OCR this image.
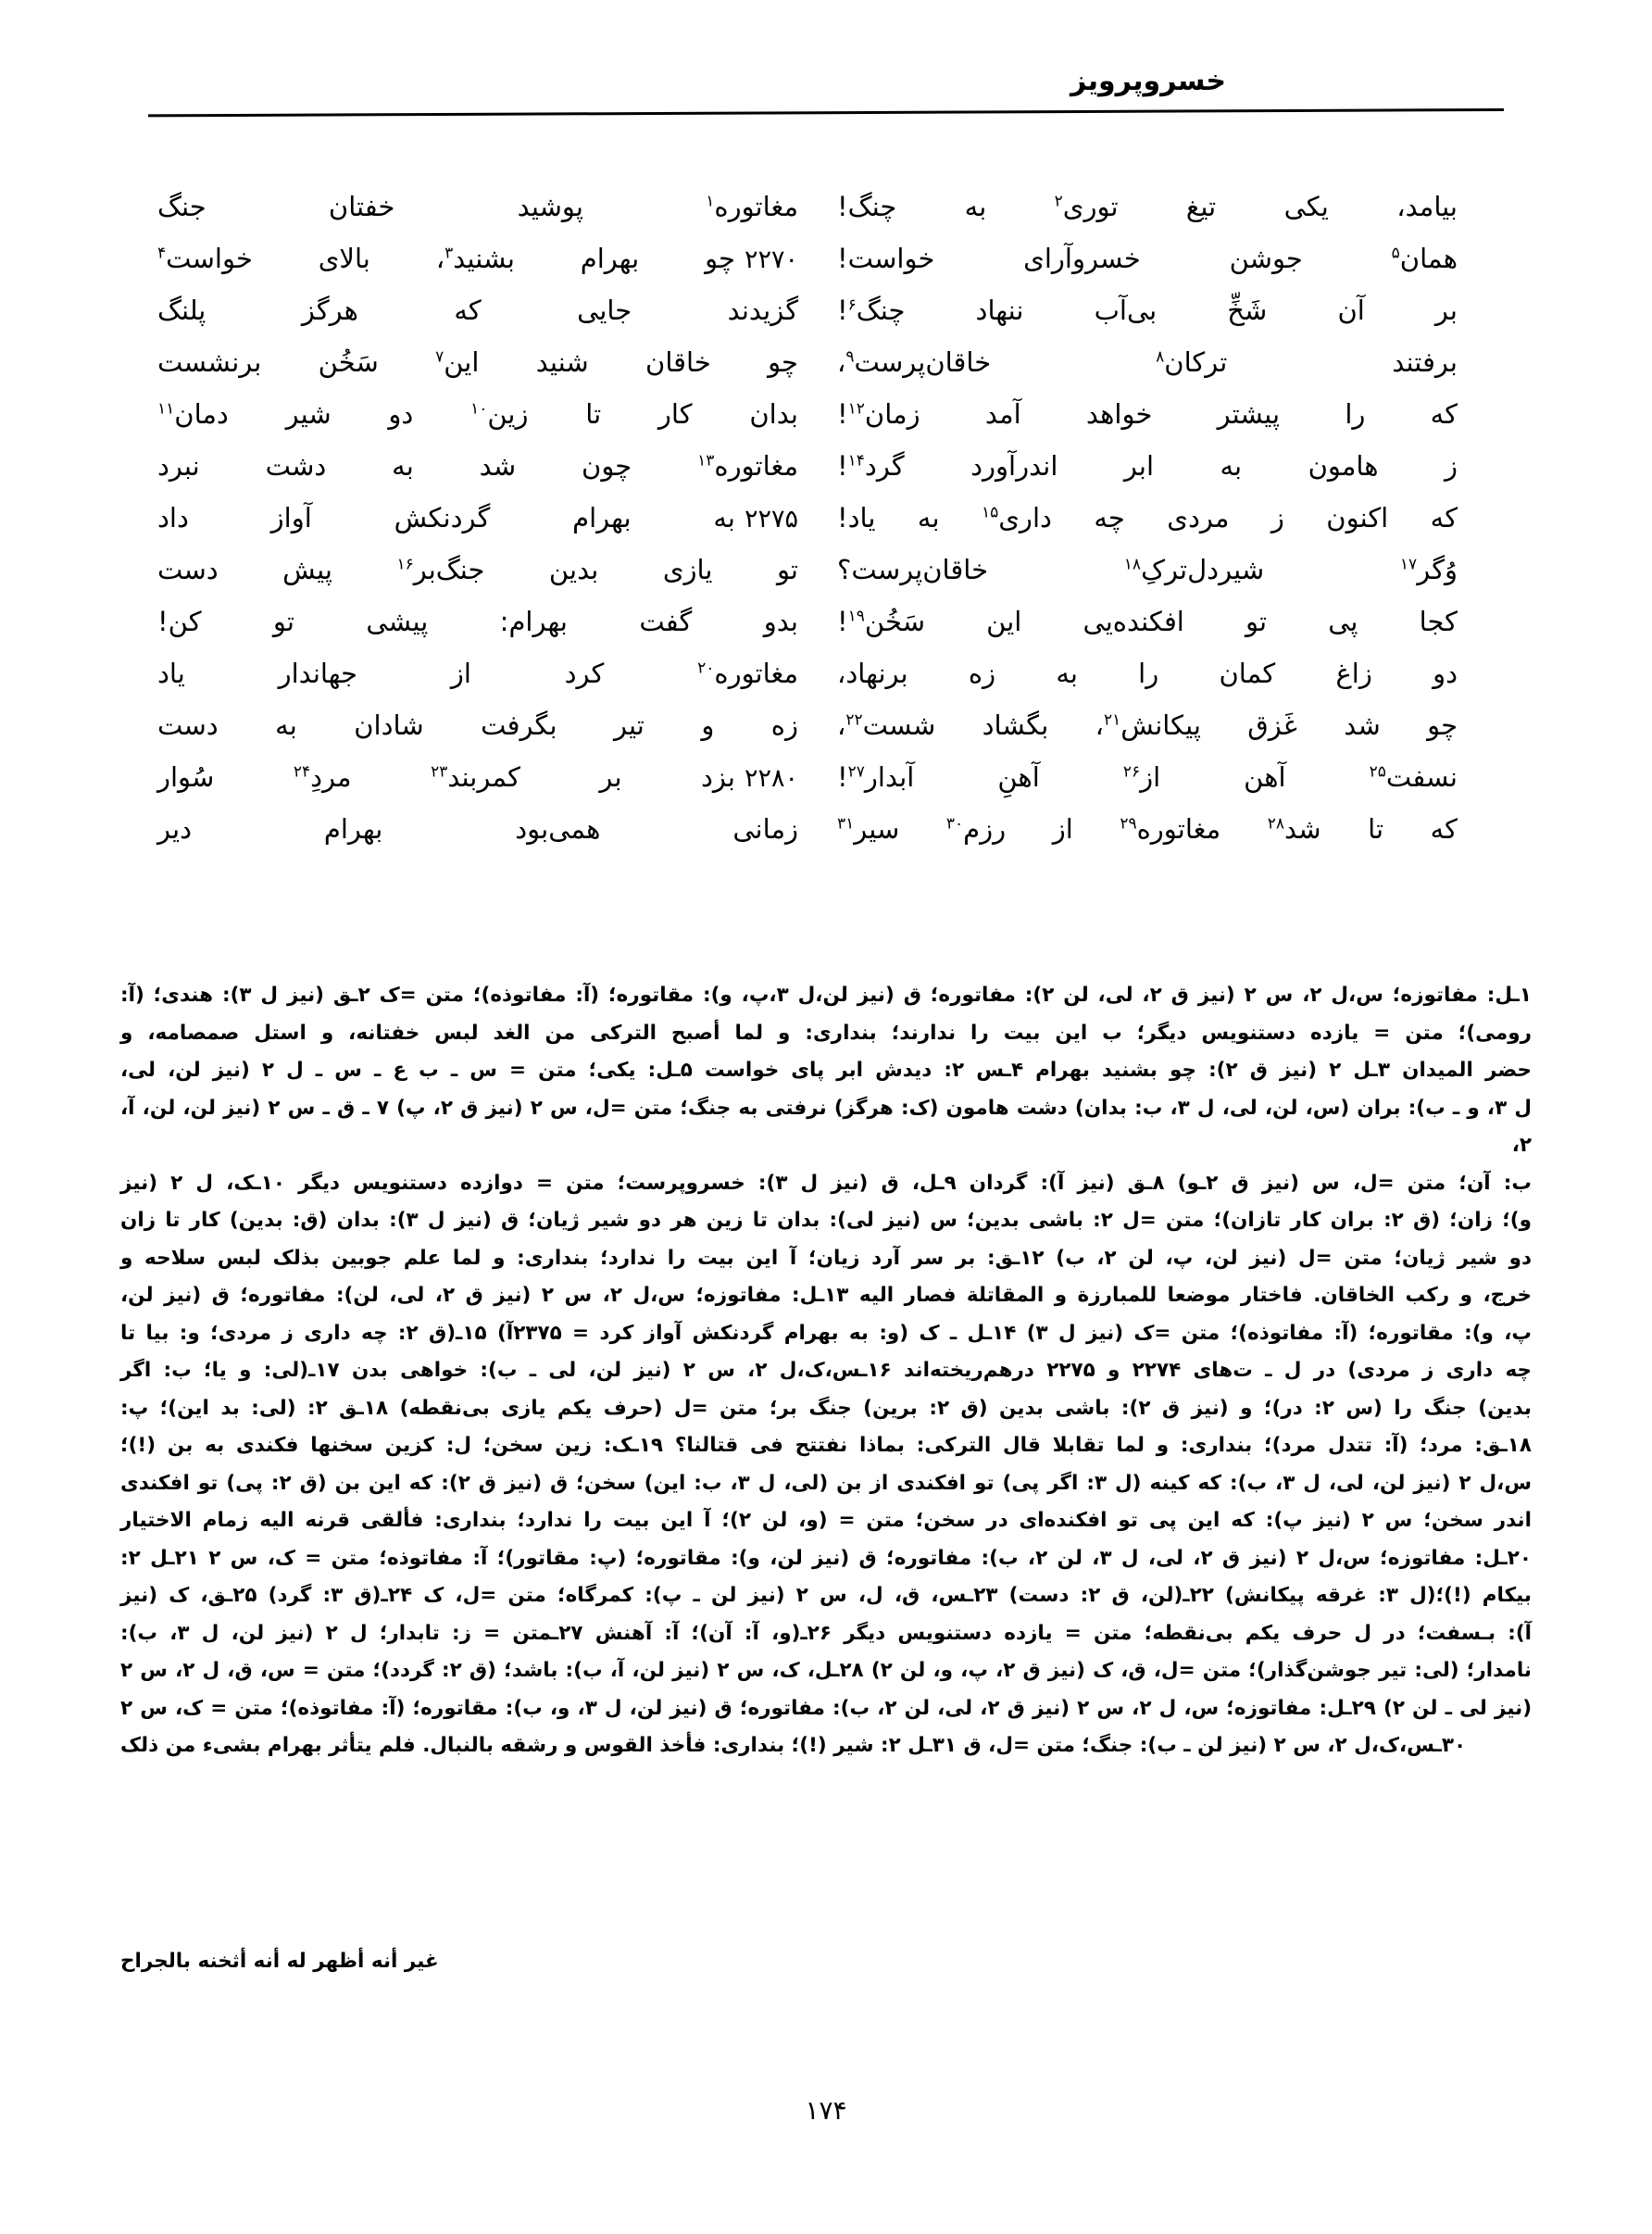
خسروپرویز
بیامد، یکی تیغ توری$^۲$ به چنگ!
مغاتوره$^۱$ پوشید خفتان جنگ
همان$^۵$ جوشن خسروآرای خواست!
۲۲۷۰چو بهرام بشنید$^۳$، بالای خواست$^۴$
بر آن شَخِّ بی‌آب ننهاد چنگ$^۶$!
گزیدند جایی که هرگز پلنگ
برفتند ترکان$^۸$ خاقان‌پرست$^۹$،
چو خاقان شنید این$^۷$ سَخُن برنشست
که را پیشتر خواهد آمد زمان$^{۱۲}$!
بدان کار تا زین$^{۱۰}$ دو شیر دمان$^{۱۱}$
ز هامون به ابر اندرآورد گرد$^{۱۴}$!
مغاتوره$^{۱۳}$ چون شد به دشت نبرد
که اکنون ز مردی چه داری$^{۱۵}$ به یاد!
۲۲۷۵به بهرام گردنکش آواز داد
وُگر$^{۱۷}$ شیردل‌ترکِ$^{۱۸}$ خاقان‌پرست؟
تو یازی بدین جنگ‌بر$^{۱۶}$ پیش دست
کجا پی تو افکنده‌یی این سَخُن$^{۱۹}$!
بدو گفت بهرام: پیشی تو کن!
دو زاغ کمان را به زه برنهاد،
مغاتوره$^{۲۰}$ کرد از جهاندار یاد
چو شد غَزق پیکانش$^{۲۱}$، بگشاد شست$^{۲۲}$،
زه و تیر بگرفت شادان به دست
نسفت$^{۲۵}$ آهن از$^{۲۶}$ آهنِ آبدار$^{۲۷}$!
۲۲۸۰بزد بر کمربند$^{۲۳}$ مردِ$^{۲۴}$ سُوار
که تا شد$^{۲۸}$ مغاتوره$^{۲۹}$ از رزم$^{۳۰}$ سیر$^{۳۱}$
زمانی همی‌بود بهرام دیر

۱ـل: مفاتوزه؛ س،ل ۲، س ۲ (نیز ق ۲، لی، لن ۲): مفاتوره؛ ق (نیز لن،ل ۳،پ، و): مقاتوره؛ (آ: مفاتوذه)؛ متن =ک ۲ـق (نیز ل ۳): هندی؛ (آ:

رومی)؛ متن = یازده دستنویس دیگر؛ ب این بیت را ندارند؛ بنداری: و لما أصبح الترکی من الغد لبس خفتانه، و استل صمصامه، و

حضر المیدان ۳ـل ۲ (نیز ق ۲): چو بشنید بهرام ۴ـس ۲: دیدش ابر پای خواست ۵ـل: یکی؛ متن = س ـ ب ع ـ س ـ ل ۲ (نیز لن، لی،

ل ۳، و ـ ب): بران (س، لن، لی، ل ۳، ب: بدان) دشت هامون (ک: هرگز) نرفتی به جنگ؛ متن =ل، س ۲ (نیز ق ۲، پ) ۷ ـ ق ـ س ۲ (نیز لن، لن، آ، ۲،

ب: آن؛ متن =ل، س (نیز ق ۲ـو) ۸ـق (نیز آ): گردان ۹ـل، ق (نیز ل ۳): خسروپرست؛ متن = دوازده دستنویس دیگر ۱۰ـک، ل ۲ (نیز

و)؛ زان؛ (ق ۲: بران کار تازان)؛ متن =ل ۲: باشی بدین؛ س (نیز لی): بدان تا زین هر دو شیر ژیان؛ ق (نیز ل ۳): بدان (ق: بدین) کار تا زان

دو شیر ژیان؛ متن =ل (نیز لن، پ، لن ۲، ب) ۱۲ـق: بر سر آرد زیان؛ آ این بیت را ندارد؛ بنداری: و لما علم جوبین بذلک لبس سلاحه و

خرج، و رکب الخاقان. فاختار موضعا للمبارزة و المقاتلة فصار الیه ۱۳ـل: مفاتوزه؛ س،ل ۲، س ۲ (نیز ق ۲، لی، لن): مفاتوره؛ ق (نیز لن،

پ، و): مقاتوره؛ (آ: مفاتوذه)؛ متن =ک (نیز ل ۳) ۱۴ـل ـ ک (و: به بهرام گردنکش آواز کرد = ۲۳۷۵آ) ۱۵ـ(ق ۲: چه داری ز مردی؛ و: بیا تا

چه داری ز مردی) در ل ـ ت‌های ۲۲۷۴ و ۲۲۷۵ درهم‌ریخته‌اند ۱۶ـس،ک،ل ۲، س ۲ (نیز لن، لی ـ ب): خواهی بدن ۱۷ـ(لی: و یا؛ ب: اگر

بدین) جنگ را (س ۲: در)؛ و (نیز ق ۲): باشی بدین (ق ۲: برین) جنگ بر؛ متن =ل (حرف یکم یازی بی‌نقطه) ۱۸ـق ۲: (لی: بد این)؛ پ:

۱۸ـق: مرد؛ (آ: تتدل مرد)؛ بنداری: و لما تقابلا قال الترکی: بماذا نفتتح فی قتالنا؟ ۱۹ـک: زین سخن؛ ل: کزین سخنها فکندی به بن (!)؛

س،ل ۲ (نیز لن، لی، ل ۳، ب): که کینه (ل ۳: اگر پی) تو افکندی از بن (لی، ل ۳، ب: این) سخن؛ ق (نیز ق ۲): که این بن (ق ۲: پی) تو افکندی

اندر سخن؛ س ۲ (نیز پ): که این پی تو افکنده‌ای در سخن؛ متن = (و، لن ۲)؛ آ این بیت را ندارد؛ بنداری: فألقی قرنه الیه زمام الاختیار

۲۰ـل: مفاتوزه؛ س،ل ۲ (نیز ق ۲، لی، ل ۳، لن ۲، ب): مفاتوره؛ ق (نیز لن، و): مقاتوره؛ (پ: مقاتور)؛ آ: مفاتوذه؛ متن = ک، س ۲ ۲۱ـل ۲:

بیکام (!)؛(ل ۳: غرقه پیکانش) ۲۲ـ(لن، ق ۲: دست) ۲۳ـس، ق، ل، س ۲ (نیز لن ـ پ): کمرگاه؛ متن =ل، ک ۲۴ـ(ق ۳: گرد) ۲۵ـق، ک (نیز

آ): بـسفت؛ در ل حرف یکم بی‌نقطه؛ متن = یازده دستنویس دیگر ۲۶ـ(و، آ: آن)؛ آ: آهنش ۲۷ـمتن = ز: تابدار؛ ل ۲ (نیز لن، ل ۳، ب):

نامدار؛ (لی: تیر جوشن‌گذار)؛ متن =ل، ق، ک (نیز ق ۲، پ، و، لن ۲) ۲۸ـل، ک، س ۲ (نیز لن، آ، ب): باشد؛ (ق ۲: گردد)؛ متن = س، ق، ل ۲، س ۲

(نیز لی ـ لن ۲) ۲۹ـل: مفاتوزه؛ س، ل ۲، س ۲ (نیز ق ۲، لی، لن ۲، ب): مفاتوره؛ ق (نیز لن، ل ۳، و، ب): مقاتوره؛ (آ: مفاتوذه)؛ متن = ک، س ۲

۳۰ـس،ک،ل ۲، س ۲ (نیز لن ـ ب): جنگ؛ متن =ل، ق ۳۱ـل ۲: شیر (!)؛ بنداری: فأخذ القوس و رشقه بالنبال. فلم یتأثر بهرام بشیء من ذلک

غیر أنه أظهر له أنه أثخنه بالجراح
۱۷۴
